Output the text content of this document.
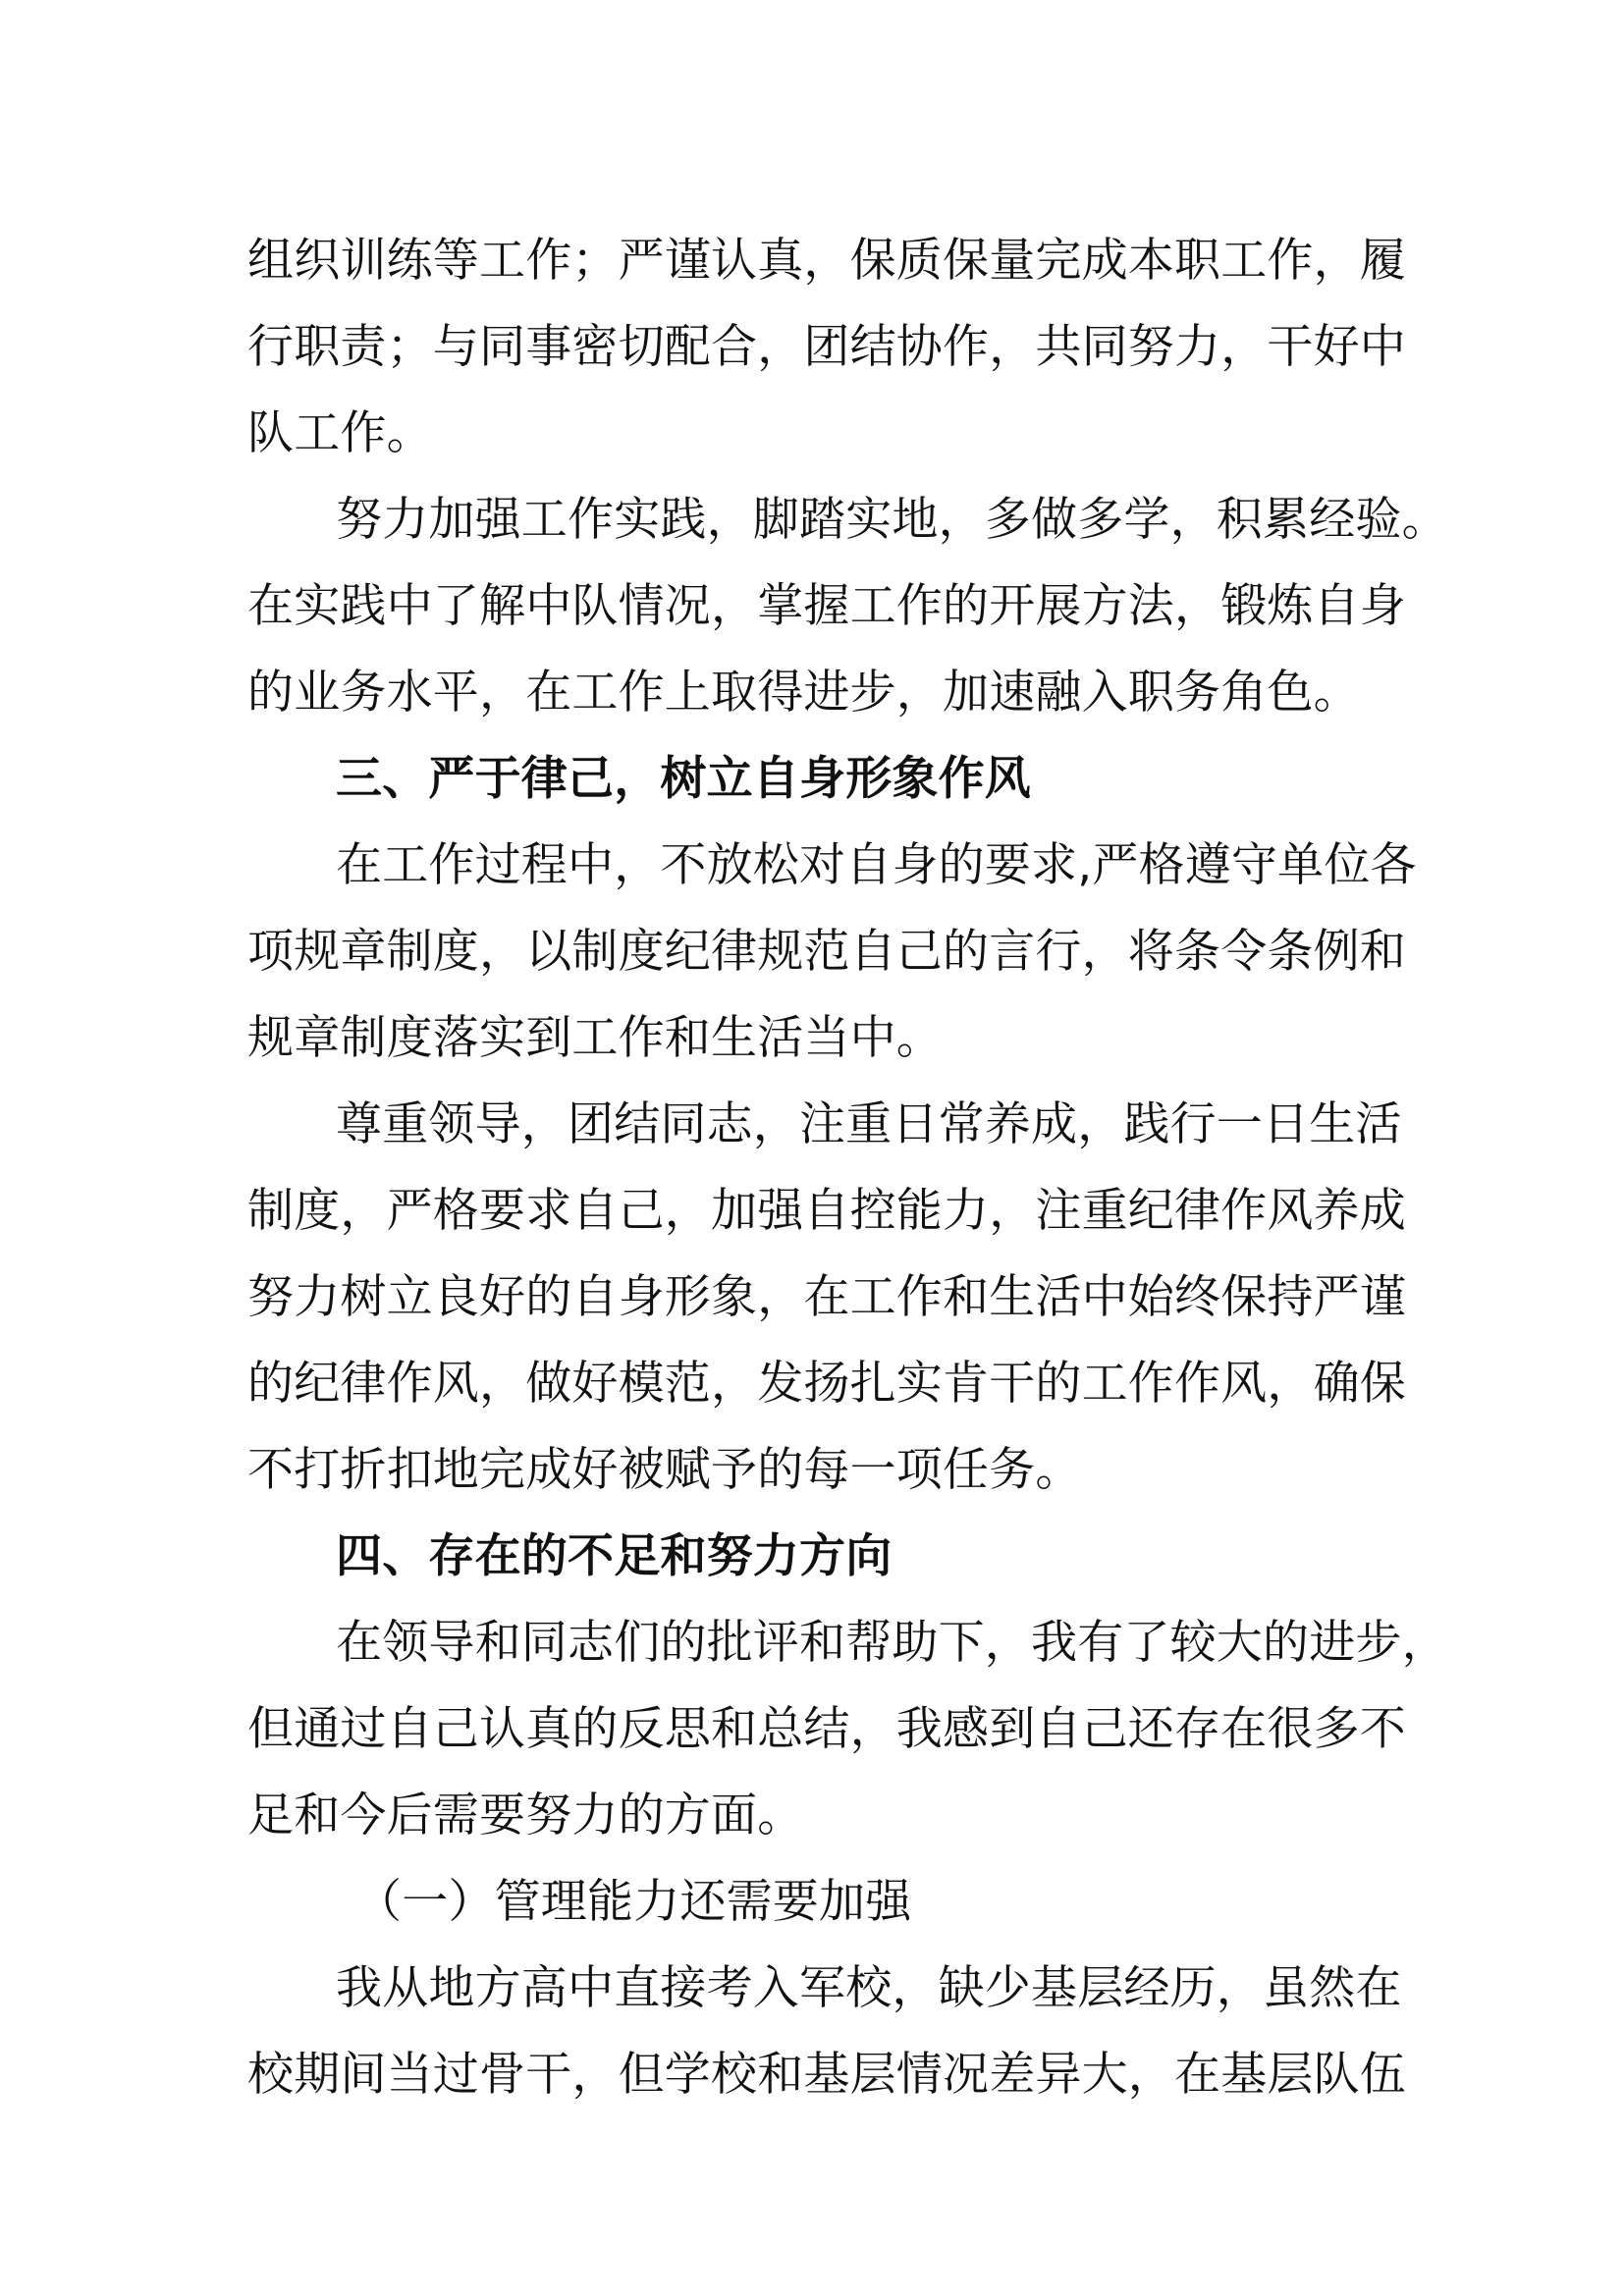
组织训练等工作；严谨认真，保质保量完成本职工作，履
行职责；与同事密切配合，团结协作，共同努力，干好中
队工作。
努力加强工作实践，脚踏实地，多做多学，积累经验。
在实践中了解中队情况，掌握工作的开展方法，锻炼自身
的业务水平，在工作上取得进步，加速融入职务角色。
三、严于律己，树立自身形象作风
在工作过程中，不放松对自身的要求,严格遵守单位各
项规章制度，以制度纪律规范自己的言行，将条令条例和
规章制度落实到工作和生活当中。
尊重领导，团结同志，注重日常养成，践行一日生活
制度，严格要求自己，加强自控能力，注重纪律作风养成
努力树立良好的自身形象，在工作和生活中始终保持严谨
的纪律作风，做好模范，发扬扎实肯干的工作作风，确保
不打折扣地完成好被赋予的每一项任务。
四、存在的不足和努力方向
在领导和同志们的批评和帮助下，我有了较大的进步，
但通过自己认真的反思和总结，我感到自己还存在很多不
足和今后需要努力的方面。
（一）管理能力还需要加强
我从地方高中直接考入军校，缺少基层经历，虽然在
校期间当过骨干，但学校和基层情况差异大，在基层队伍
